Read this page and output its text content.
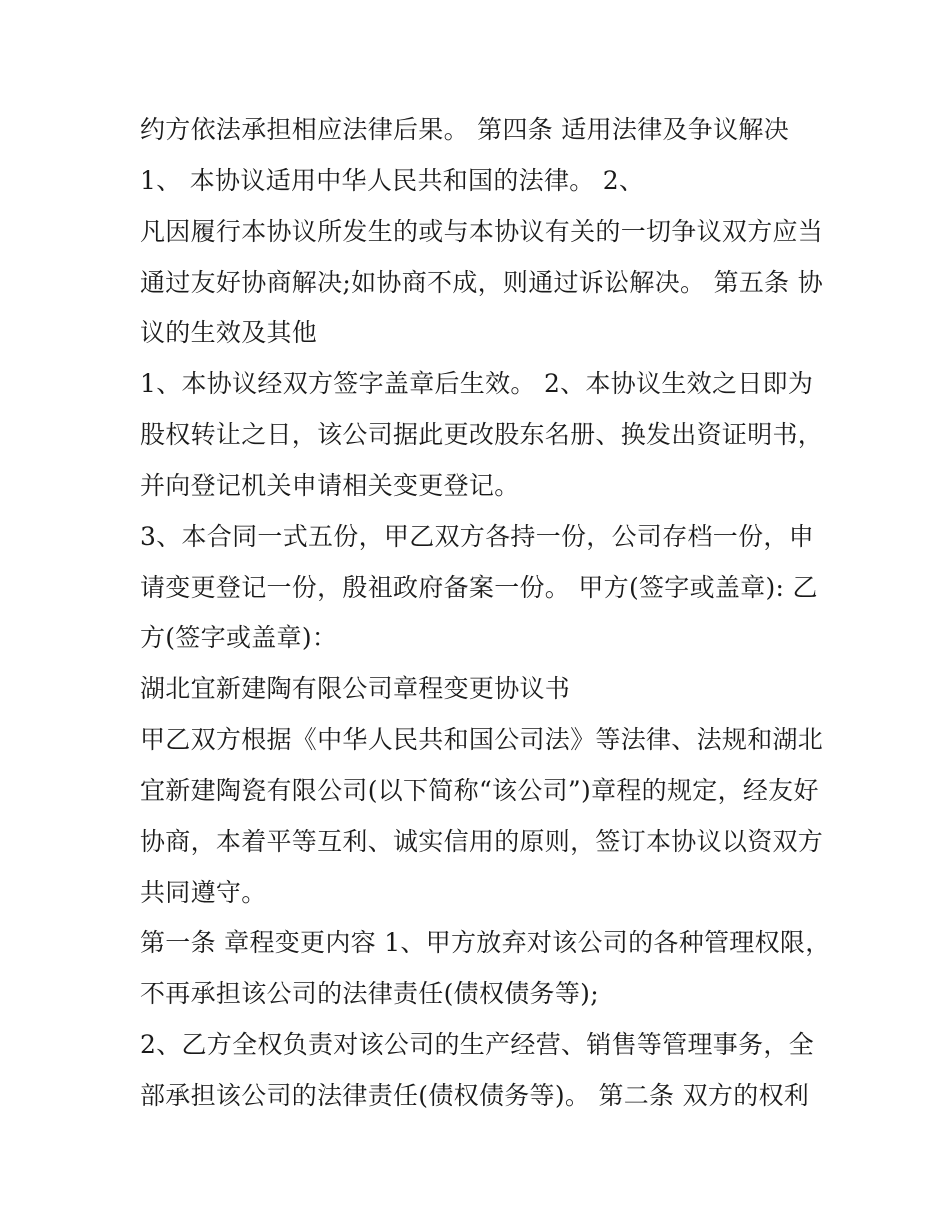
约方依法承担相应法律后果。 第四条 适用法律及争议解决
1、 本协议适用中华人民共和国的法律。 2、
凡因履行本协议所发生的或与本协议有关的一切争议双方应当
通过友好协商解决;如协商不成，则通过诉讼解决。 第五条 协
议的生效及其他
1、本协议经双方签字盖章后生效。 2、本协议生效之日即为
股权转让之日，该公司据此更改股东名册、换发出资证明书，
并向登记机关申请相关变更登记。
3、本合同一式五份，甲乙双方各持一份，公司存档一份，申
请变更登记一份，殷祖政府备案一份。 甲方(签字或盖章): 乙
方(签字或盖章)：
湖北宜新建陶有限公司章程变更协议书
甲乙双方根据《中华人民共和国公司法》等法律、法规和湖北
宜新建陶瓷有限公司(以下简称“该公司”)章程的规定，经友好
协商，本着平等互利、诚实信用的原则，签订本协议以资双方
共同遵守。
第一条 章程变更内容 1、甲方放弃对该公司的各种管理权限，
不再承担该公司的法律责任(债权债务等);
2、乙方全权负责对该公司的生产经营、销售等管理事务，全
部承担该公司的法律责任(债权债务等)。 第二条 双方的权利
